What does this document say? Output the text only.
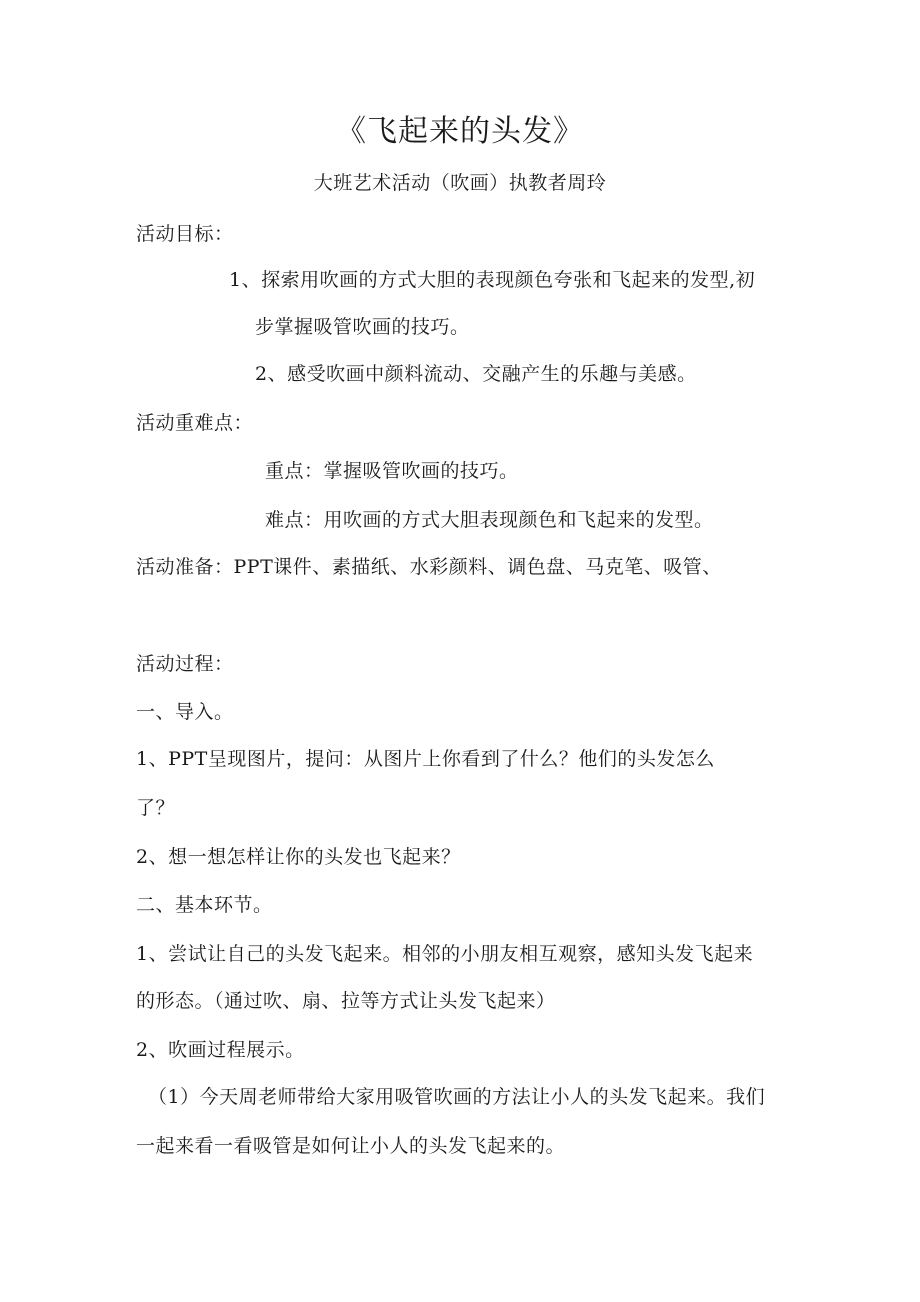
《飞起来的头发》
大班艺术活动（吹画）执教者周玲
活动目标：
1、探索用吹画的方式大胆的表现颜色夸张和飞起来的发型,初
步掌握吸管吹画的技巧。
2、感受吹画中颜料流动、交融产生的乐趣与美感。
活动重难点：
重点：掌握吸管吹画的技巧。
难点：用吹画的方式大胆表现颜色和飞起来的发型。
活动准备：PPT课件、素描纸、水彩颜料、调色盘、马克笔、吸管、
活动过程：
一、导入。
1、PPT呈现图片，提问：从图片上你看到了什么？他们的头发怎么
了？
2、想一想怎样让你的头发也飞起来？
二、基本环节。
1、尝试让自己的头发飞起来。相邻的小朋友相互观察，感知头发飞起来
的形态。（通过吹、扇、拉等方式让头发飞起来）
2、吹画过程展示。
（1）今天周老师带给大家用吸管吹画的方法让小人的头发飞起来。我们
一起来看一看吸管是如何让小人的头发飞起来的。
